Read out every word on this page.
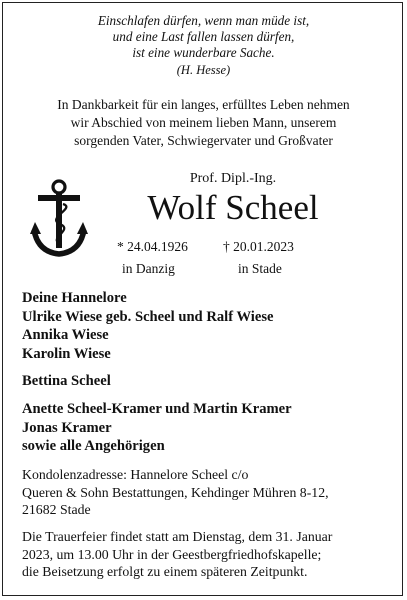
Einschlafen dürfen, wenn man müde ist,
und eine Last fallen lassen dürfen,
ist eine wunderbare Sache.
(H. Hesse)
In Dankbarkeit für ein langes, erfülltes Leben nehmen
wir Abschied von meinem lieben Mann, unserem
sorgenden Vater, Schwiegervater und Großvater
Prof. Dipl.-Ing.
Wolf Scheel
* 24.04.1926	† 20.01.2023
in Danzig	in Stade
Deine Hannelore
Ulrike Wiese geb. Scheel und Ralf Wiese
Annika Wiese
Karolin Wiese
Bettina Scheel
Anette Scheel-Kramer und Martin Kramer
Jonas Kramer
sowie alle Angehörigen
Kondolenzadresse: Hannelore Scheel c/o
Queren & Sohn Bestattungen, Kehdinger Mühren 8-12,
21682 Stade
Die Trauerfeier findet statt am Dienstag, dem 31. Januar
2023, um 13.00 Uhr in der Geestbergfriedhofskapelle;
die Beisetzung erfolgt zu einem späteren Zeitpunkt.
